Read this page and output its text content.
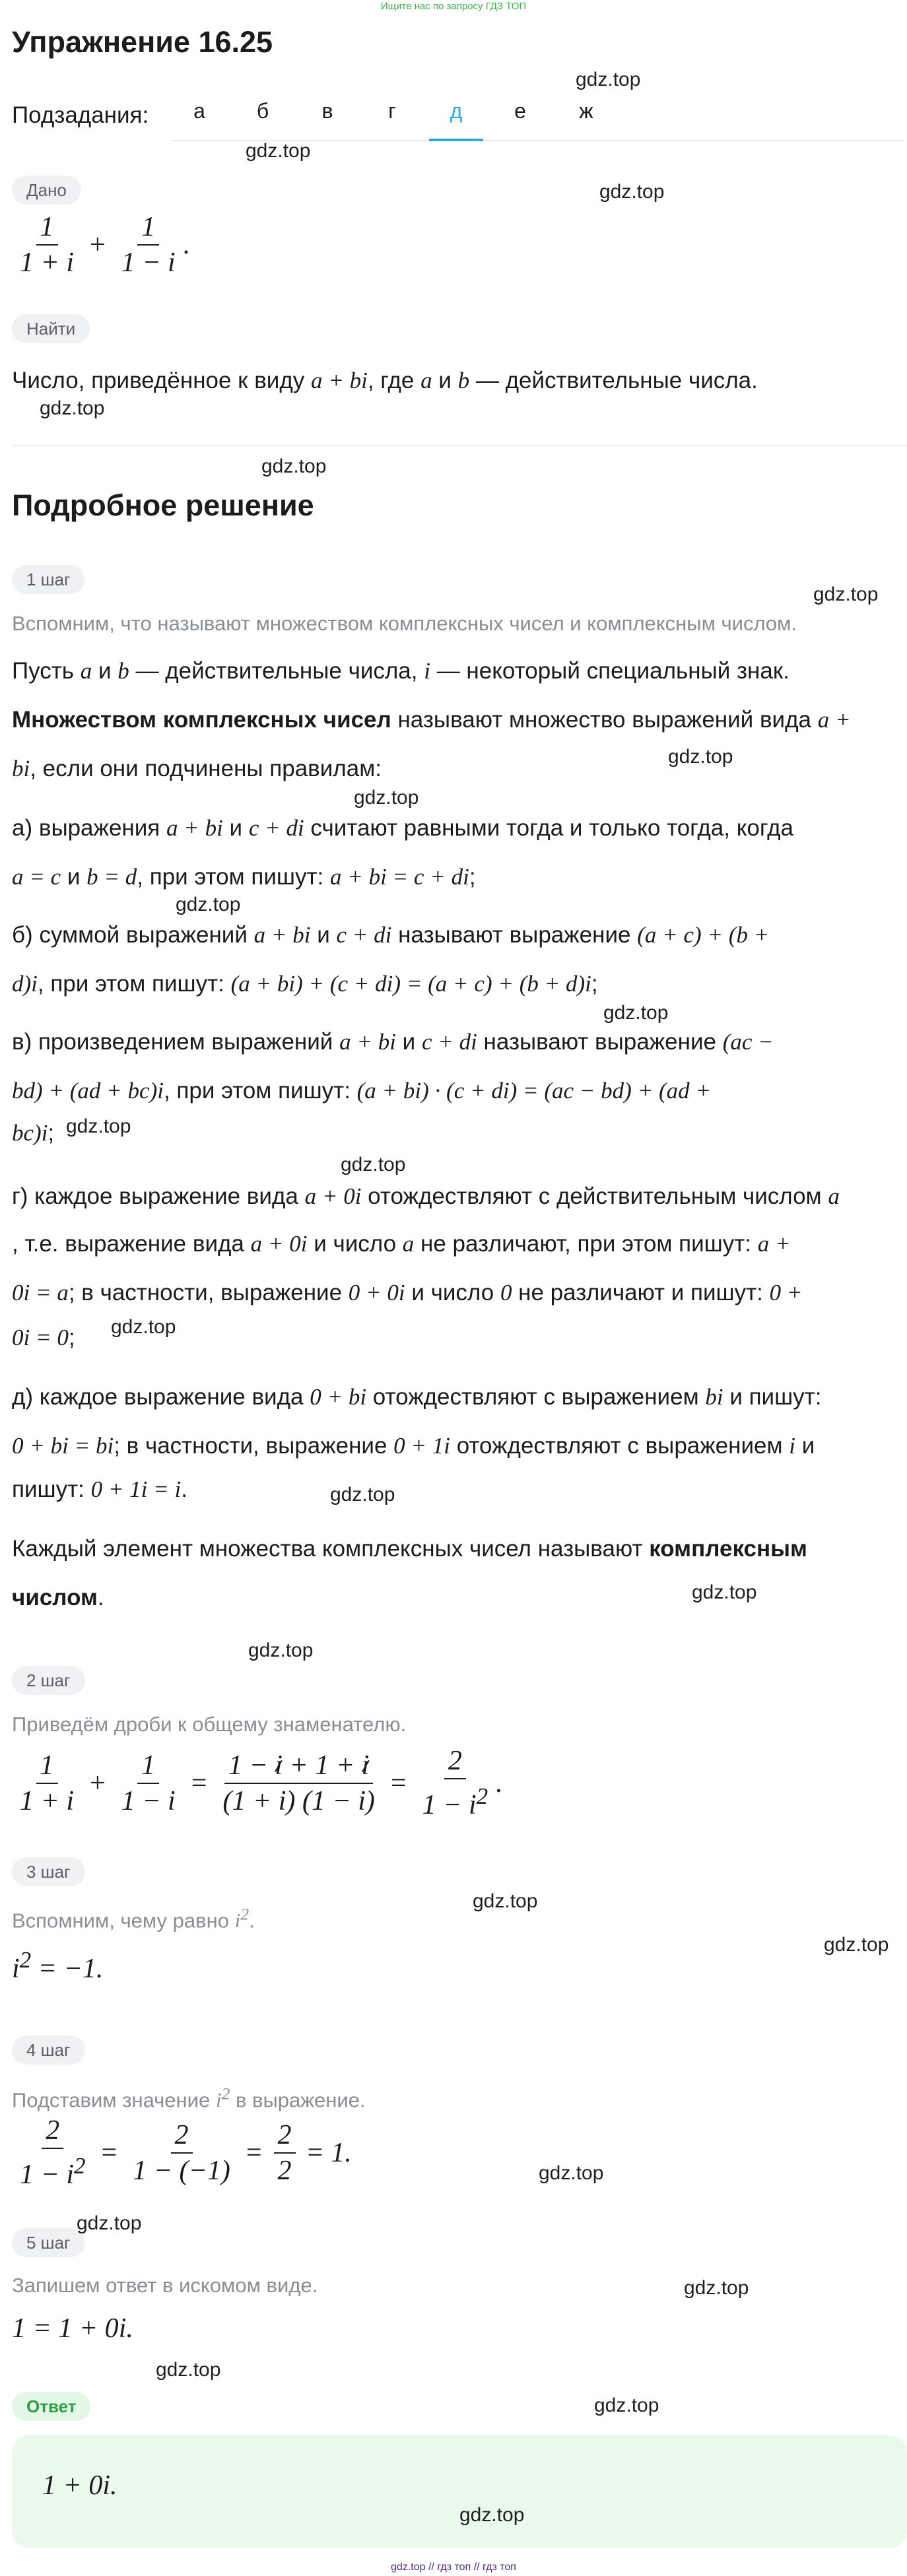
Ищите нас по запросу ГДЗ ТОП
Упражнение 16.25
Подзадания:	а	б	в	г	д	е	ж
Дано
$\frac{1}{1 + i} + \frac{1}{1 - i}$ .
Найти
Число, приведённое к виду a + bi, где a и b — действительные числа.
Подробное решение
1 шаг
Вспомним, что называют множеством комплексных чисел и комплексным числом.
Пусть a и b — действительные числа, i — некоторый специальный знак.
Множеством комплексных чисел называют множество выражений вида a +
bi, если они подчинены правилам:
а) выражения a + bi и c + di считают равными тогда и только тогда, когда
a = c и b = d, при этом пишут: a + bi = c + di;
б) суммой выражений a + bi и c + di называют выражение (a + c) + (b +
d)i, при этом пишут: (a + bi) + (c + di) = (a + c) + (b + d)i;
в) произведением выражений a + bi и c + di называют выражение (ac −
bd) + (ad + bc)i, при этом пишут: (a + bi) · (c + di) = (ac − bd) + (ad +
bc)i;
г) каждое выражение вида a + 0i отождествляют с действительным числом a
, т.е. выражение вида a + 0i и число a не различают, при этом пишут: a +
0i = a; в частности, выражение 0 + 0i и число 0 не различают и пишут: 0 +
0i = 0;
д) каждое выражение вида 0 + bi отождествляют с выражением bi и пишут:
0 + bi = bi; в частности, выражение 0 + 1i отождествляют с выражением i и
пишут: 0 + 1i = i.
Каждый элемент множества комплексных чисел называют комплексным
числом.
2 шаг
Приведём дроби к общему знаменателю.
$\frac{1}{1 + i} + \frac{1}{1 - i} = \frac{1 - i + 1 + i}{(1 + i) (1 - i)} = \frac{2}{1 - i^2}$ .
3 шаг
Вспомним, чему равно $i^2$.
$i^2 = -1$.
4 шаг
Подставим значение $i^2$ в выражение.
$\frac{2}{1 - i^2} = \frac{2}{1 - (-1)} = \frac{2}{2} = 1$.
5 шаг
Запишем ответ в искомом виде.
1 = 1 + 0i.
Ответ
1 + 0i.
gdz.top
gdz.top
gdz.top
gdz.top
gdz.top
gdz.top
gdz.top
gdz.top
gdz.top
gdz.top
gdz.top
gdz.top
gdz.top
gdz.top
gdz.top
gdz.top
gdz.top
gdz.top
gdz.top
gdz.top
gdz.top
gdz.top
gdz.top
gdz.top
gdz.top // гдз топ // гдз топ
